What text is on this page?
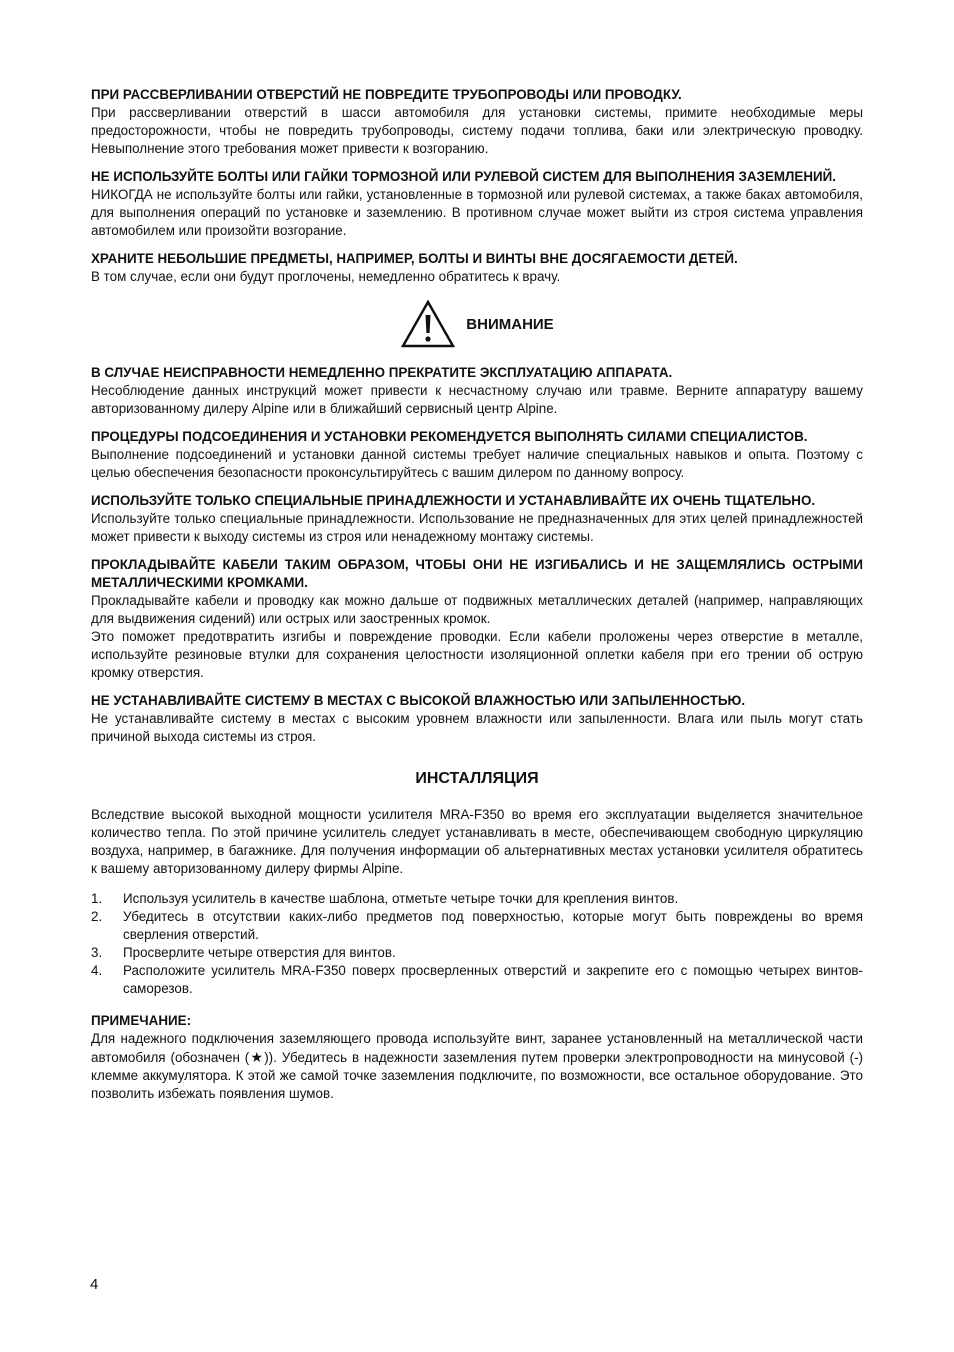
ПРИ РАССВЕРЛИВАНИИ ОТВЕРСТИЙ НЕ ПОВРЕДИТЕ ТРУБОПРОВОДЫ ИЛИ ПРОВОДКУ.
При рассверливании отверстий в шасси автомобиля для установки системы, примите необходимые меры предосторожности, чтобы не повредить трубопроводы, систему подачи топлива, баки или электрическую проводку. Невыполнение этого требования может привести к возгоранию.
НЕ ИСПОЛЬЗУЙТЕ БОЛТЫ ИЛИ ГАЙКИ ТОРМОЗНОЙ ИЛИ РУЛЕВОЙ СИСТЕМ ДЛЯ ВЫПОЛНЕНИЯ ЗАЗЕМЛЕНИЙ.
НИКОГДА не используйте болты или гайки, установленные в тормозной или рулевой системах, а также баках автомобиля, для выполнения операций по установке и заземлению. В противном случае может выйти из строя система управления автомобилем или произойти возгорание.
ХРАНИТЕ НЕБОЛЬШИЕ ПРЕДМЕТЫ, НАПРИМЕР, БОЛТЫ И ВИНТЫ ВНЕ ДОСЯГАЕМОСТИ ДЕТЕЙ.
В том случае, если они будут проглочены, немедленно обратитесь к врачу.
ВНИМАНИЕ
В СЛУЧАЕ НЕИСПРАВНОСТИ НЕМЕДЛЕННО ПРЕКРАТИТЕ ЭКСПЛУАТАЦИЮ АППАРАТА.
Несоблюдение данных инструкций может привести к несчастному случаю или травме. Верните аппаратуру вашему авторизованному дилеру Alpine или в ближайший сервисный центр Alpine.
ПРОЦЕДУРЫ ПОДСОЕДИНЕНИЯ И УСТАНОВКИ РЕКОМЕНДУЕТСЯ ВЫПОЛНЯТЬ СИЛАМИ СПЕЦИАЛИСТОВ.
Выполнение подсоединений и установки данной системы требует наличие специальных навыков и опыта. Поэтому с целью обеспечения безопасности проконсультируйтесь с вашим дилером по данному вопросу.
ИСПОЛЬЗУЙТЕ ТОЛЬКО СПЕЦИАЛЬНЫЕ ПРИНАДЛЕЖНОСТИ И УСТАНАВЛИВАЙТЕ ИХ ОЧЕНЬ ТЩАТЕЛЬНО.
Используйте только специальные принадлежности. Использование не предназначенных для этих целей принадлежностей может привести к выходу системы из строя или ненадежному монтажу системы.
ПРОКЛАДЫВАЙТЕ КАБЕЛИ ТАКИМ ОБРАЗОМ, ЧТОБЫ ОНИ НЕ ИЗГИБАЛИСЬ И НЕ ЗАЩЕМЛЯЛИСЬ ОСТРЫМИ МЕТАЛЛИЧЕСКИМИ КРОМКАМИ.
Прокладывайте кабели и проводку как можно дальше от подвижных металлических деталей (например, направляющих для выдвижения сидений) или острых или заостренных кромок.
Это поможет предотвратить изгибы и повреждение проводки. Если кабели проложены через отверстие в металле, используйте резиновые втулки для сохранения целостности изоляционной оплетки кабеля при его трении об острую кромку отверстия.
НЕ УСТАНАВЛИВАЙТЕ СИСТЕМУ В МЕСТАХ С ВЫСОКОЙ ВЛАЖНОСТЬЮ ИЛИ ЗАПЫЛЕННОСТЬЮ.
Не устанавливайте систему в местах с высоким уровнем влажности или запыленности. Влага или пыль могут стать причиной выхода системы из строя.
ИНСТАЛЛЯЦИЯ
Вследствие высокой выходной мощности усилителя MRA-F350 во время его эксплуатации выделяется значительное количество тепла. По этой причине усилитель следует устанавливать в месте, обеспечивающем свободную циркуляцию воздуха, например, в багажнике. Для получения информации об альтернативных местах установки усилителя обратитесь к вашему авторизованному дилеру фирмы Alpine.
1.	Используя усилитель в качестве шаблона, отметьте четыре точки для крепления винтов.
2.	Убедитесь в отсутствии каких-либо предметов под поверхностью, которые могут быть повреждены во время сверления отверстий.
3.	Просверлите четыре отверстия для винтов.
4.	Расположите усилитель MRA-F350 поверх просверленных отверстий и закрепите его с помощью четырех винтов-саморезов.
ПРИМЕЧАНИЕ:
Для надежного подключения заземляющего провода используйте винт, заранее установленный на металлической части автомобиля (обозначен (★)). Убедитесь в надежности заземления путем проверки электропроводности на минусовой (-) клемме аккумулятора. К этой же самой точке заземления подключите, по возможности, все остальное оборудование. Это позволить избежать появления шумов.
4
